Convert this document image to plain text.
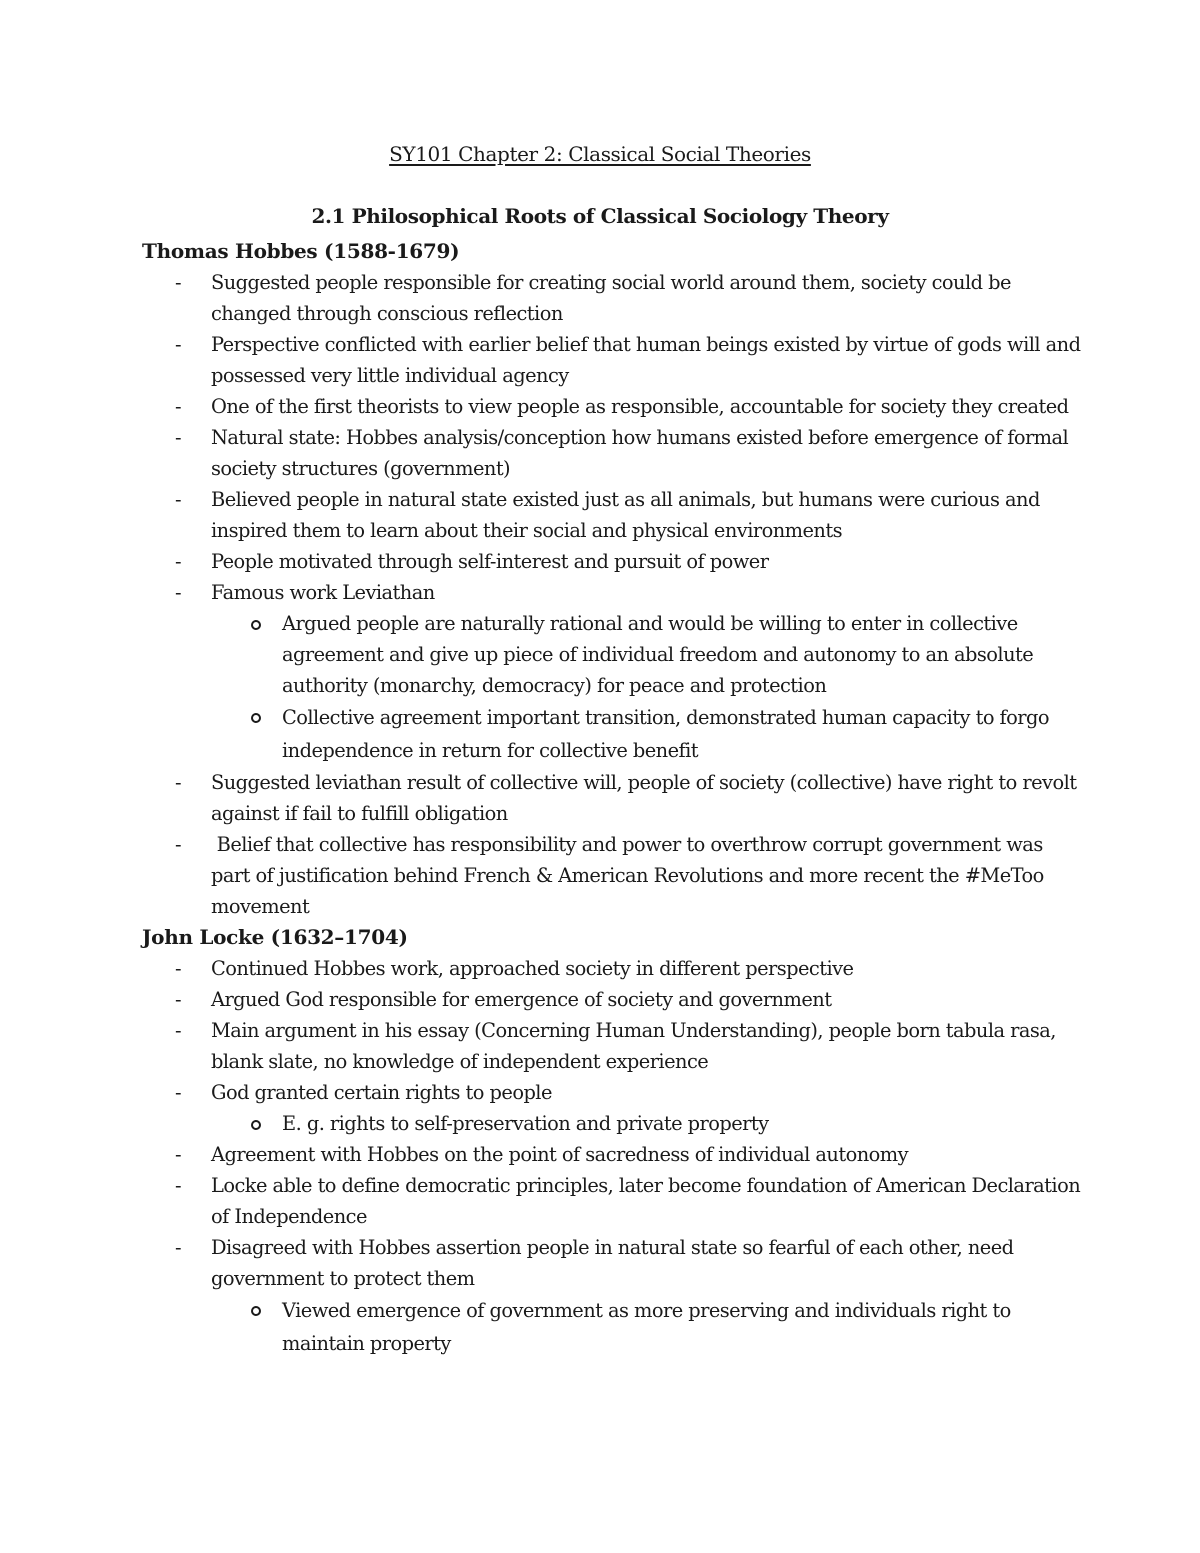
SY101 Chapter 2: Classical Social Theories
2.1 Philosophical Roots of Classical Sociology Theory
Thomas Hobbes (1588-1679)
- Suggested people responsible for creating social world around them, society could be changed through conscious reflection
- Perspective conflicted with earlier belief that human beings existed by virtue of gods will and possessed very little individual agency
- One of the first theorists to view people as responsible, accountable for society they created
- Natural state: Hobbes analysis/conception how humans existed before emergence of formal society structures (government)
- Believed people in natural state existed just as all animals, but humans were curious and inspired them to learn about their social and physical environments
- People motivated through self-interest and pursuit of power
- Famous work Leviathan
Argued people are naturally rational and would be willing to enter in collective agreement and give up piece of individual freedom and autonomy to an absolute authority (monarchy, democracy) for peace and protection
Collective agreement important transition, demonstrated human capacity to forgo independence in return for collective benefit
- Suggested leviathan result of collective will, people of society (collective) have right to revolt against if fail to fulfill obligation
-  Belief that collective has responsibility and power to overthrow corrupt government was part of justification behind French & American Revolutions and more recent the #MeToo movement
John Locke (1632–1704)
- Continued Hobbes work, approached society in different perspective
- Argued God responsible for emergence of society and government
- Main argument in his essay (Concerning Human Understanding), people born tabula rasa, blank slate, no knowledge of independent experience
- God granted certain rights to people
E. g. rights to self-preservation and private property
- Agreement with Hobbes on the point of sacredness of individual autonomy
- Locke able to define democratic principles, later become foundation of American Declaration of Independence
- Disagreed with Hobbes assertion people in natural state so fearful of each other, need government to protect them
Viewed emergence of government as more preserving and individuals right to maintain property
